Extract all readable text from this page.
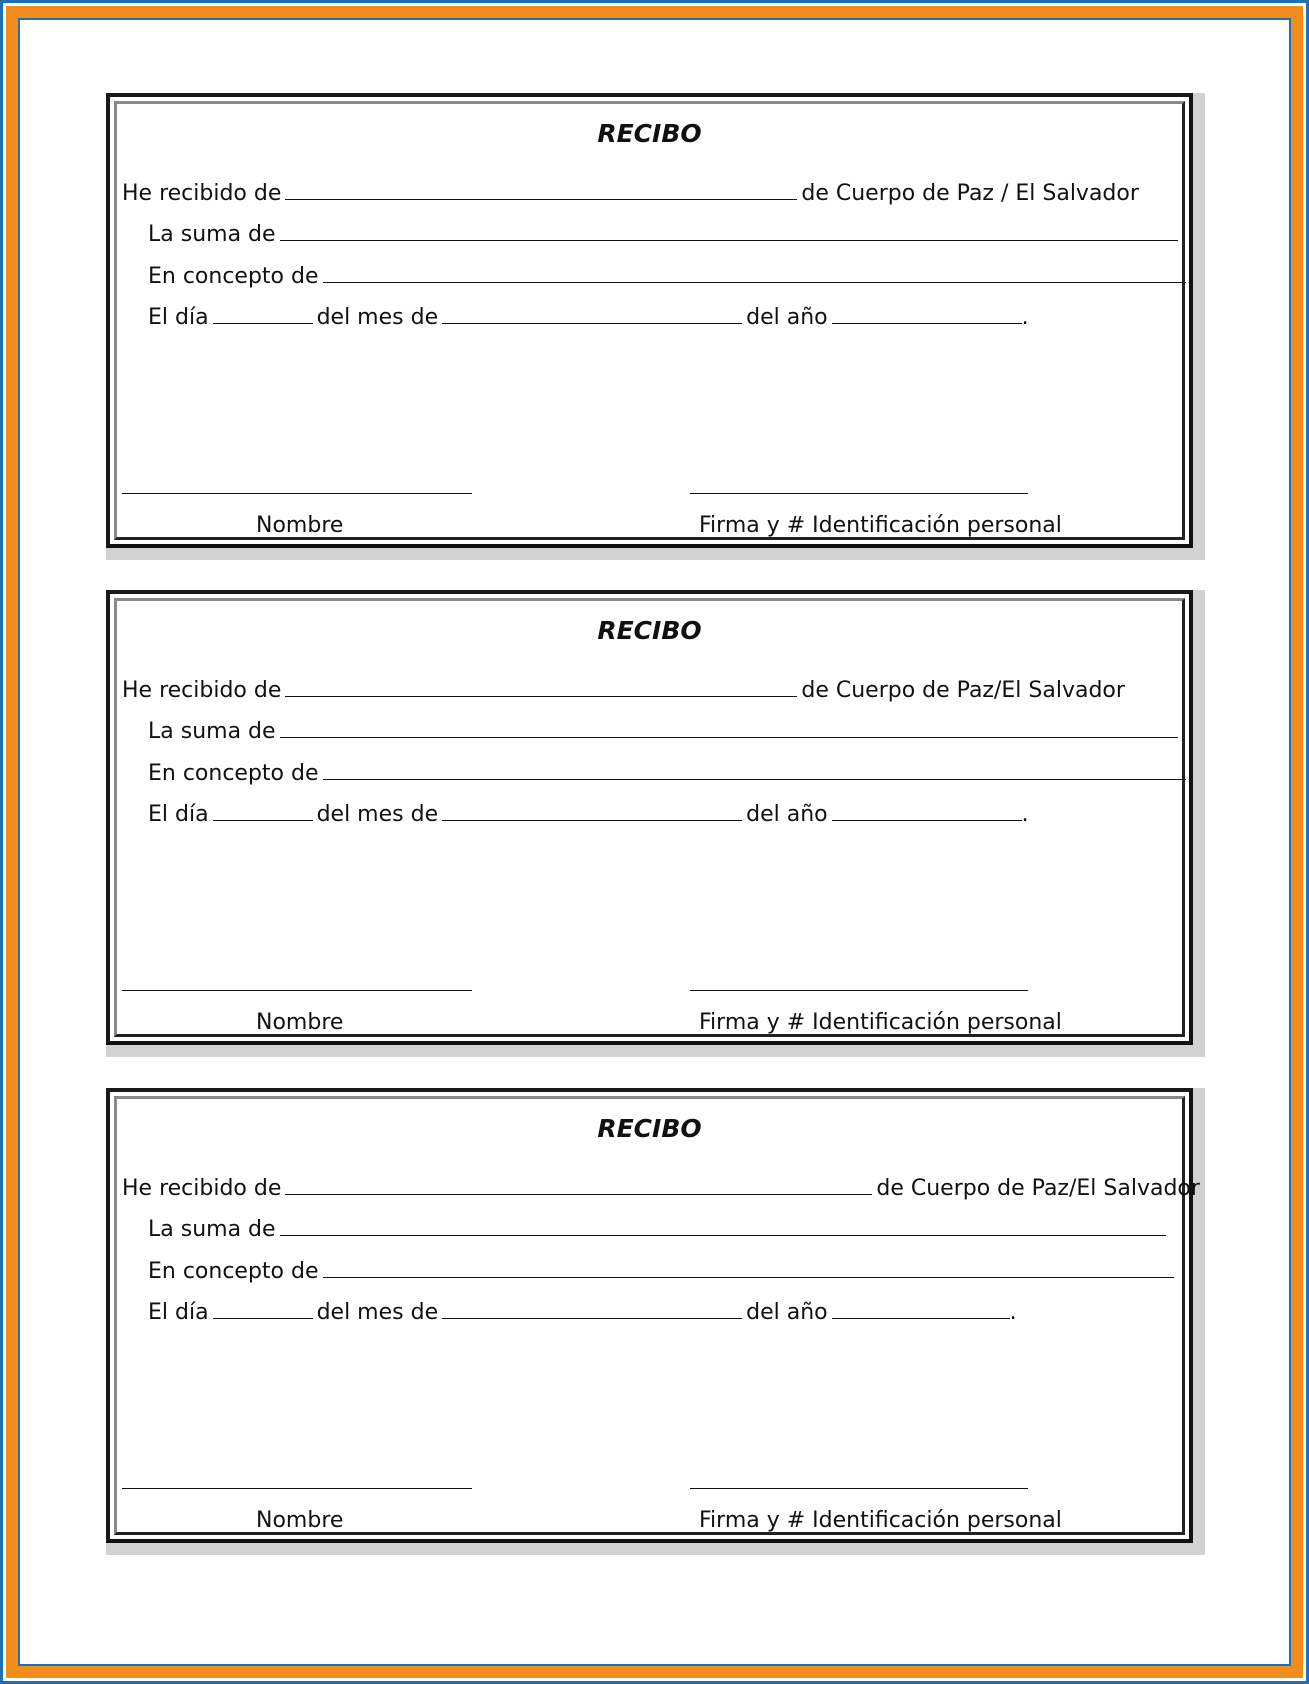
RECIBO
He recibido de	de Cuerpo de Paz / El Salvador
La suma de
En concepto de
El día	del mes de	del año	.
Nombre	Firma y # Identificación personal
RECIBO
He recibido de	de Cuerpo de Paz/El Salvador
La suma de
En concepto de
El día	del mes de	del año	.
Nombre	Firma y # Identificación personal
RECIBO
He recibido de	de Cuerpo de Paz/El Salvador
La suma de
En concepto de
El día	del mes de	del año	.
Nombre	Firma y # Identificación personal
